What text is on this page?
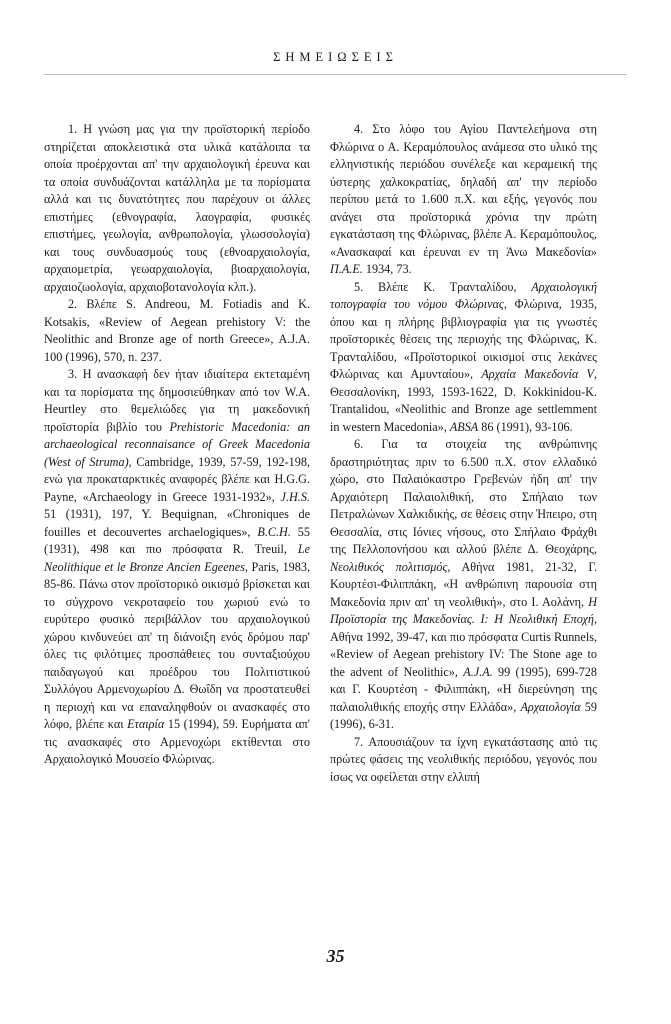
ΣΗΜΕΙΩΣΕΙΣ

1. Η γνώση μας για την προϊστορική περίοδο στηρίζεται αποκλειστικά στα υλικά κατάλοιπα τα οποία προέρχονται απ' την αρχαιολογική έρευνα και τα οποία συνδυάζονται κατάλληλα με τα πορίσματα αλλά και τις δυνατότητες που παρέχουν οι άλλες επιστήμες (εθνογραφία, λαογραφία, φυσικές επιστήμες, γεωλογία, ανθρωπολογία, γλωσσολογία) και τους συνδυασμούς τους (εθνοαρχαιολογία, αρχαιομετρία, γεωαρχαιολογία, βιοαρχαιολογία, αρχαιοζωολογία, αρχαιοβοτανολογία κλπ.).

2. Βλέπε S. Andreou, M. Fotiadis and K. Kotsakis, «Review of Aegean prehistory V: the Neolithic and Bronze age of north Greece», A.J.A. 100 (1996), 570, n. 237.

3. Η ανασκαφή δεν ήταν ιδιαίτερα εκτεταμένη και τα πορίσματα της δημοσιεύθηκαν από τον W.A. Heurtley στο θεμελιώδες για τη μακεδονική προϊστορία βιβλίο του Prehistoric Macedonia: an archaeological reconnaisance of Greek Macedonia (West of Struma), Cambridge, 1939, 57-59, 192-198, ενώ για προκαταρκτικές αναφορές βλέπε και H.G.G. Payne, «Archaeology in Greece 1931-1932», J.H.S. 51 (1931), 197, Y. Bequignan, «Chroniques de fouilles et decouvertes archaelogiques», B.C.H. 55 (1931), 498 και πιο πρόσφατα R. Treuil, Le Neolithique et le Bronze Ancien Egeenes, Paris, 1983, 85-86. Πάνω στον προϊστορικό οικισμό βρίσκεται και το σύγχρονο νεκροταφείο του χωριού ενώ το ευρύτερο φυσικό περιβάλλον του αρχαιολογικού χώρου κινδυνεύει απ' τη διάνοιξη ενός δρόμου παρ' όλες τις φιλότιμες προσπάθειες του συνταξιούχου παιδαγωγού και προέδρου του Πολιτιστικού Συλλόγου Αρμενοχωρίου Δ. Θωΐδη να προστατευθεί η περιοχή και να επαναληφθούν οι ανασκαφές στο λόφο, βλέπε και Εταιρία 15 (1994), 59. Ευρήματα απ' τις ανασκαφές στο Αρμενοχώρι εκτίθενται στο Αρχαιολογικό Μουσείο Φλώρινας.

4. Στο λόφο του Αγίου Παντελεήμονα στη Φλώρινα ο Α. Κεραμόπουλος ανάμεσα στο υλικό της ελληνιστικής περιόδου συνέλεξε και κεραμεική της ύστερης χαλκοκρατίας, δηλαδή απ' την περίοδο περίπου μετά το 1.600 π.Χ. και εξής, γεγονός που ανάγει στα προϊστορικά χρόνια την πρώτη εγκατάσταση της Φλώρινας, βλέπε Α. Κεραμόπουλος, «Ανασκαφαί και έρευναι εν τη Άνω Μακεδονία» Π.Α.Ε. 1934, 73.

5. Βλέπε Κ. Τρανταλίδου, Αρχαιολογική τοπογραφία του νόμου Φλώρινας, Φλώρινα, 1935, όπου και η πλήρης βιβλιογραφία για τις γνωστές προϊστορικές θέσεις της περιοχής της Φλώρινας, Κ. Τρανταλίδου, «Προϊστορικοί οικισμοί στις λεκάνες Φλώρινας και Αμυνταίου», Αρχαία Μακεδονία V, Θεσσαλονίκη, 1993, 1593-1622, D. Kokkinidou-K. Trantalidou, «Neolithic and Bronze age settlemment in western Macedonia», ABSA 86 (1991), 93-106.

6. Για τα στοιχεία της ανθρώπινης δραστηριότητας πριν το 6.500 π.Χ. στον ελλαδικό χώρο, στο Παλαιόκαστρο Γρεβενών ήδη απ' την Αρχαιότερη Παλαιολιθική, στο Σπήλαιο των Πετραλώνων Χαλκιδικής, σε θέσεις στην Ήπειρο, στη Θεσσαλία, στις Ιόνιες νήσους, στο Σπήλαιο Φράχθι της Πελλοπονήσου και αλλού βλέπε Δ. Θεοχάρης, Νεολιθικός πολιτισμός, Αθήνα 1981, 21-32, Γ. Κουρτέσι-Φιλιππάκη, «Η ανθρώπινη παρουσία στη Μακεδονία πριν απ' τη νεολιθική», στο Ι. Αολάνη, Η Προϊστορία της Μακεδονίας. Ι: Η Νεολιθική Εποχή, Αθήνα 1992, 39-47, και πιο πρόσφατα Curtis Runnels, «Review of Aegean prehistory IV: The Stone age to the advent of Neolithic», A.J.A. 99 (1995), 699-728 και Γ. Κουρτέση - Φιλιππάκη, «Η διερεύνηση της παλαιολιθικής εποχής στην Ελλάδα», Αρχαιολογία 59 (1996), 6-31.

7. Απουσιάζουν τα ίχνη εγκατάστασης από τις πρώτες φάσεις της νεολιθικής περιόδου, γεγονός που ίσως να οφείλεται στην ελλιπή

35
